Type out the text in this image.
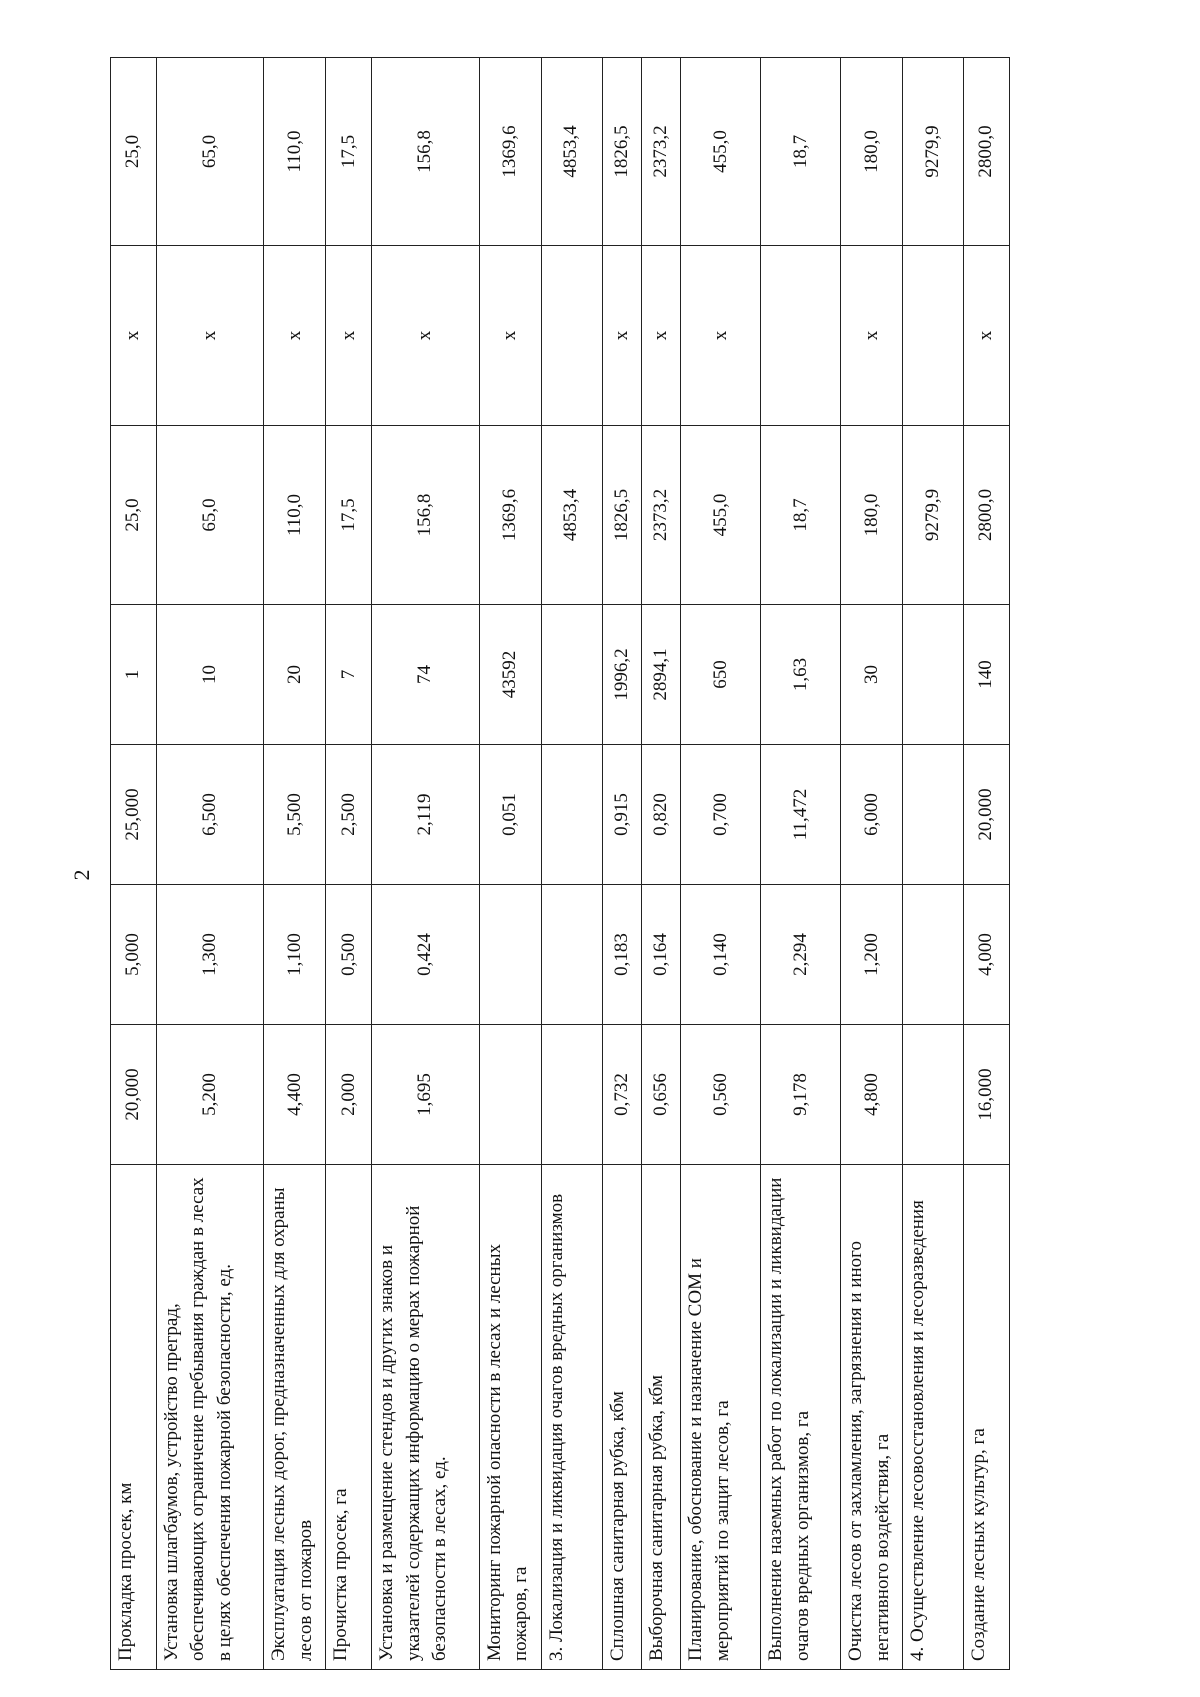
2
Прокладка просек, км	20,000	5,000	25,000	1	25,0	х	25,0
Установка шлагбаумов, устройство преград, обеспечивающих ограничение пребывания граждан в лесах в целях обеспечения пожарной безопасности, ед.	5,200	1,300	6,500	10	65,0	х	65,0
Эксплуатация лесных дорог, предназначенных для охраны лесов от пожаров	4,400	1,100	5,500	20	110,0	х	110,0
Прочистка просек, га	2,000	0,500	2,500	7	17,5	х	17,5
Установка и размещение стендов и других знаков и указателей содержащих информацию о мерах пожарной безопасности в лесах, ед.	1,695	0,424	2,119	74	156,8	х	156,8
Мониторинг пожарной опасности в лесах и лесных пожаров, га			0,051	43592	1369,6	х	1369,6
3. Локализация и ликвидация очагов вредных организмов					4853,4		4853,4
Сплошная санитарная рубка, кбм	0,732	0,183	0,915	1996,2	1826,5	х	1826,5
Выборочная санитарная рубка, кбм	0,656	0,164	0,820	2894,1	2373,2	х	2373,2
Планирование, обоснование и назначение СОМ и мероприятий по защит лесов, га	0,560	0,140	0,700	650	455,0	х	455,0
Выполнение наземных работ по локализации и ликвидации очагов вредных организмов, га	9,178	2,294	11,472	1,63	18,7		18,7
Очистка лесов от захламления, загрязнения и иного негативного воздействия, га	4,800	1,200	6,000	30	180,0	х	180,0
4. Осуществление лесовосстановления и лесоразведения					9279,9		9279,9
Создание лесных культур, га	16,000	4,000	20,000	140	2800,0	х	2800,0
